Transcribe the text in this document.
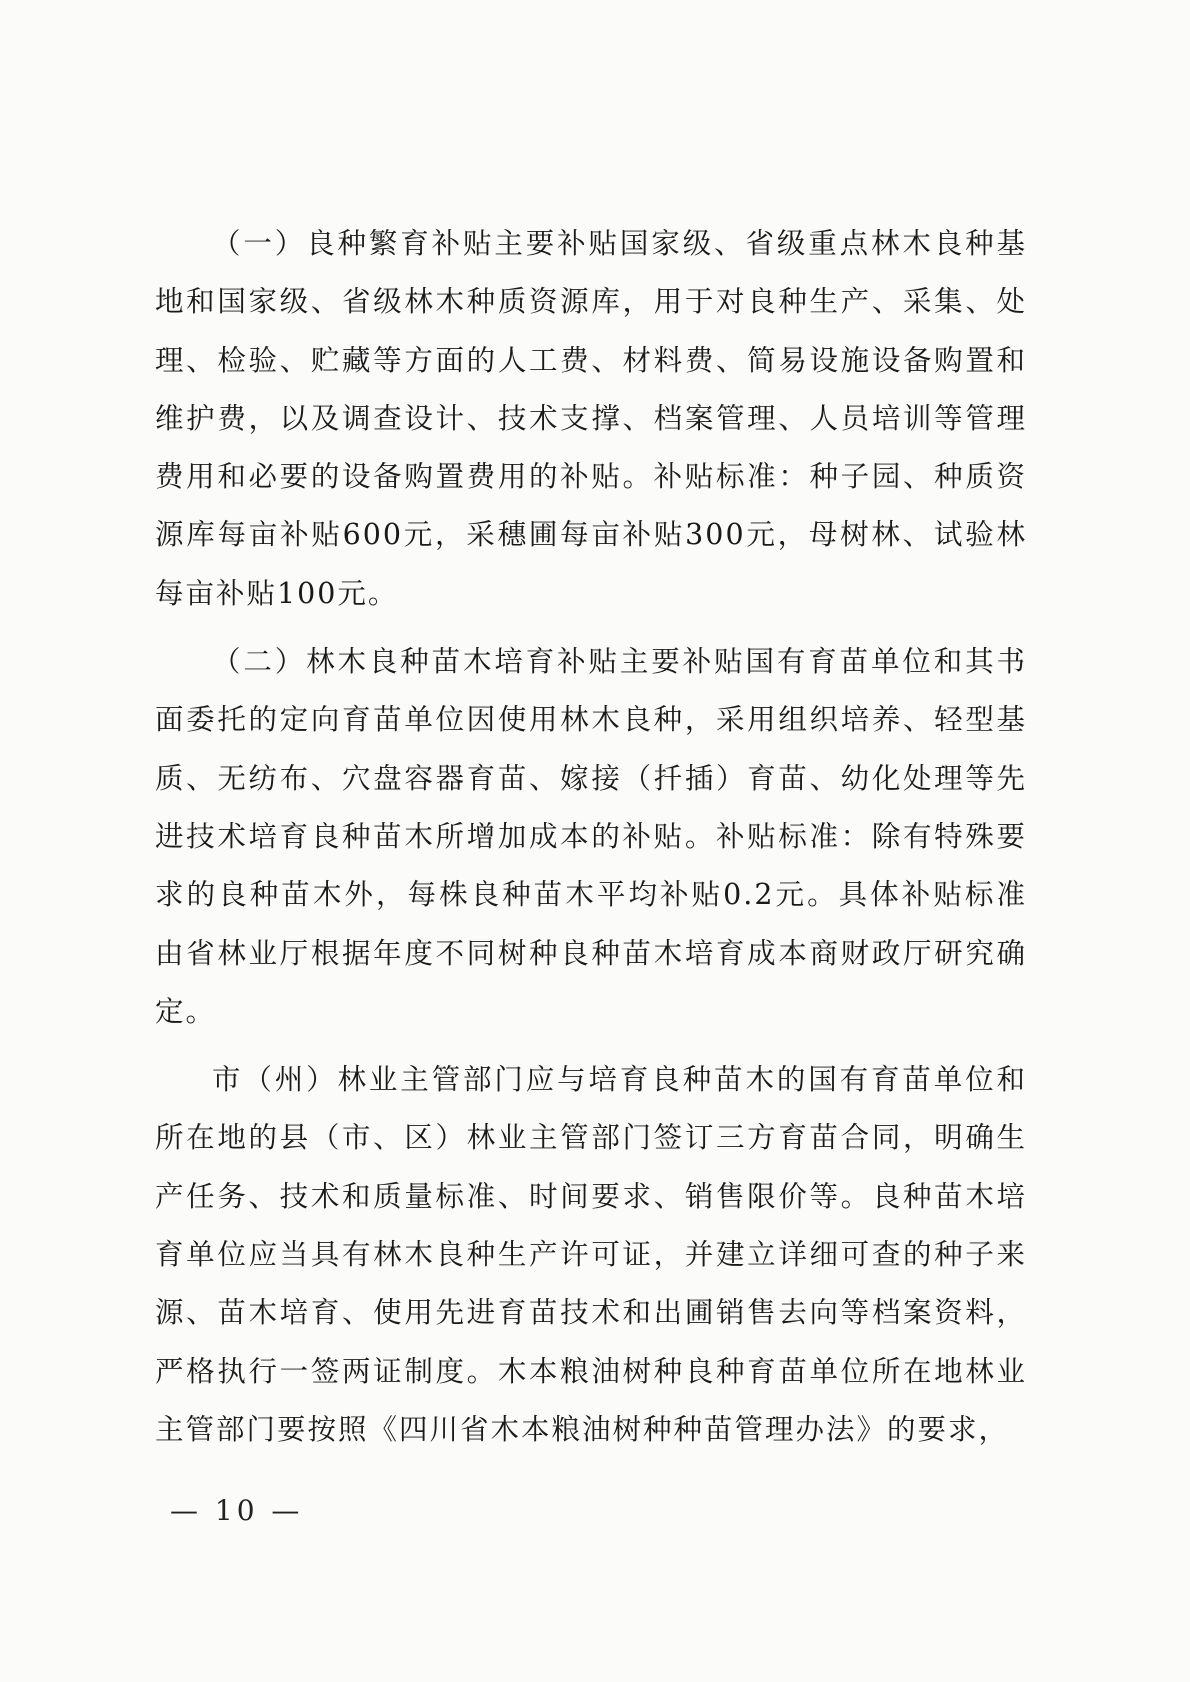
（一）良种繁育补贴主要补贴国家级、省级重点林木良种基地和国家级、省级林木种质资源库，用于对良种生产、采集、处理、检验、贮藏等方面的人工费、材料费、简易设施设备购置和维护费，以及调查设计、技术支撑、档案管理、人员培训等管理费用和必要的设备购置费用的补贴。补贴标准：种子园、种质资源库每亩补贴600元，采穗圃每亩补贴300元，母树林、试验林每亩补贴100元。

（二）林木良种苗木培育补贴主要补贴国有育苗单位和其书面委托的定向育苗单位因使用林木良种，采用组织培养、轻型基质、无纺布、穴盘容器育苗、嫁接（扦插）育苗、幼化处理等先进技术培育良种苗木所增加成本的补贴。补贴标准：除有特殊要求的良种苗木外，每株良种苗木平均补贴0.2元。具体补贴标准由省林业厅根据年度不同树种良种苗木培育成本商财政厅研究确定。

市（州）林业主管部门应与培育良种苗木的国有育苗单位和所在地的县（市、区）林业主管部门签订三方育苗合同，明确生产任务、技术和质量标准、时间要求、销售限价等。良种苗木培育单位应当具有林木良种生产许可证，并建立详细可查的种子来源、苗木培育、使用先进育苗技术和出圃销售去向等档案资料，严格执行一签两证制度。木本粮油树种良种育苗单位所在地林业主管部门要按照《四川省木本粮油树种种苗管理办法》的要求，

— 10 —
